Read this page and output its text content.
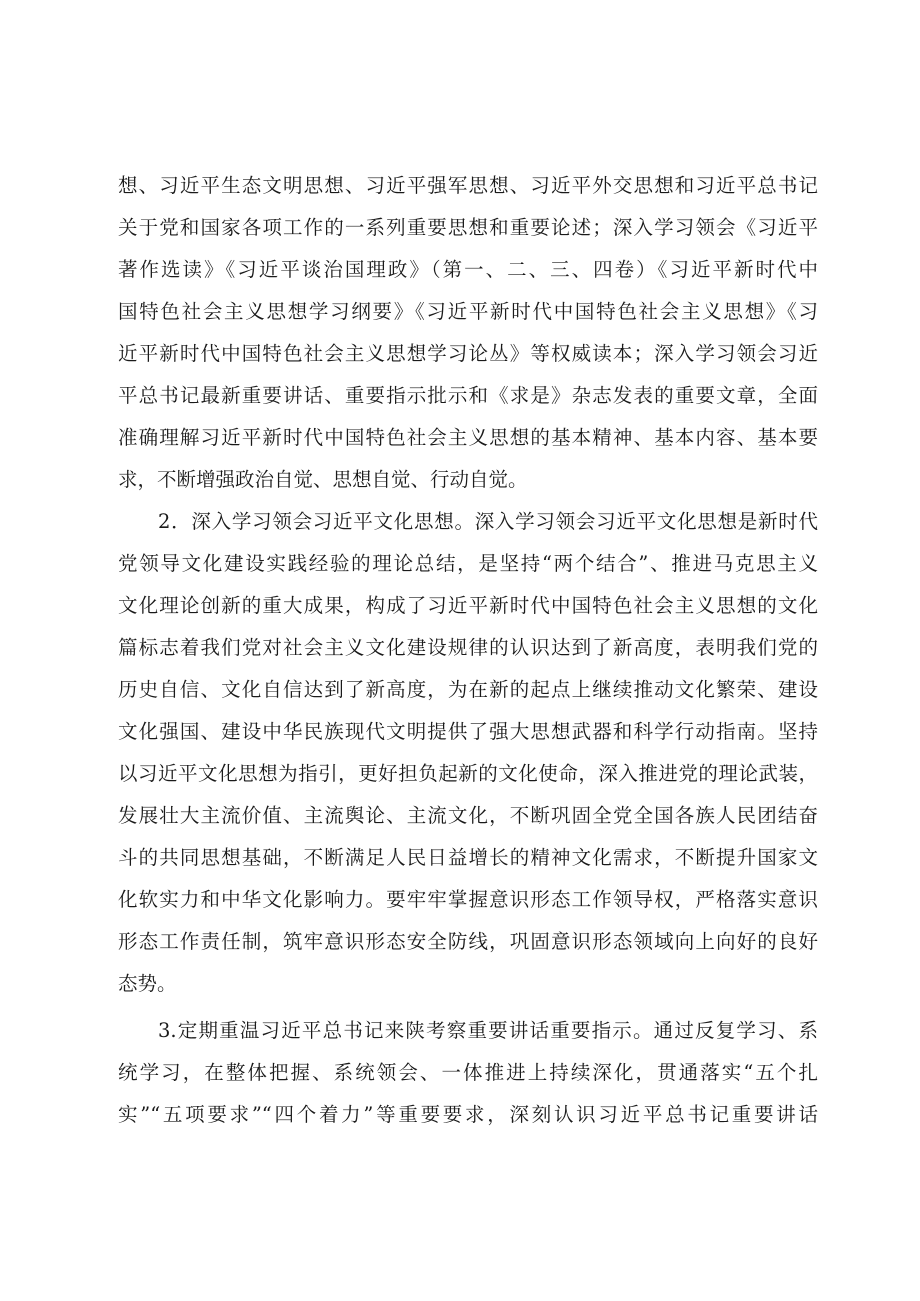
想、习近平生态文明思想、习近平强军思想、习近平外交思想和习近平总书记
关于党和国家各项工作的一系列重要思想和重要论述；深入学习领会《习近平
著作选读》《习近平谈治国理政》（第一、二、三、四卷）《习近平新时代中
国特色社会主义思想学习纲要》《习近平新时代中国特色社会主义思想》《习
近平新时代中国特色社会主义思想学习论丛》等权威读本；深入学习领会习近
平总书记最新重要讲话、重要指示批示和《求是》杂志发表的重要文章，全面
准确理解习近平新时代中国特色社会主义思想的基本精神、基本内容、基本要
求，不断增强政治自觉、思想自觉、行动自觉。
2．深入学习领会习近平文化思想。深入学习领会习近平文化思想是新时代
党领导文化建设实践经验的理论总结，是坚持“两个结合”、推进马克思主义
文化理论创新的重大成果，构成了习近平新时代中国特色社会主义思想的文化
篇标志着我们党对社会主义文化建设规律的认识达到了新高度，表明我们党的
历史自信、文化自信达到了新高度，为在新的起点上继续推动文化繁荣、建设
文化强国、建设中华民族现代文明提供了强大思想武器和科学行动指南。坚持
以习近平文化思想为指引，更好担负起新的文化使命，深入推进党的理论武装，
发展壮大主流价值、主流舆论、主流文化，不断巩固全党全国各族人民团结奋
斗的共同思想基础，不断满足人民日益增长的精神文化需求，不断提升国家文
化软实力和中华文化影响力。要牢牢掌握意识形态工作领导权，严格落实意识
形态工作责任制，筑牢意识形态安全防线，巩固意识形态领域向上向好的良好
态势。
3.定期重温习近平总书记来陕考察重要讲话重要指示。通过反复学习、系
统学习，在整体把握、系统领会、一体推进上持续深化，贯通落实“五个扎
实”“五项要求”“四个着力”等重要要求，深刻认识习近平总书记重要讲话
